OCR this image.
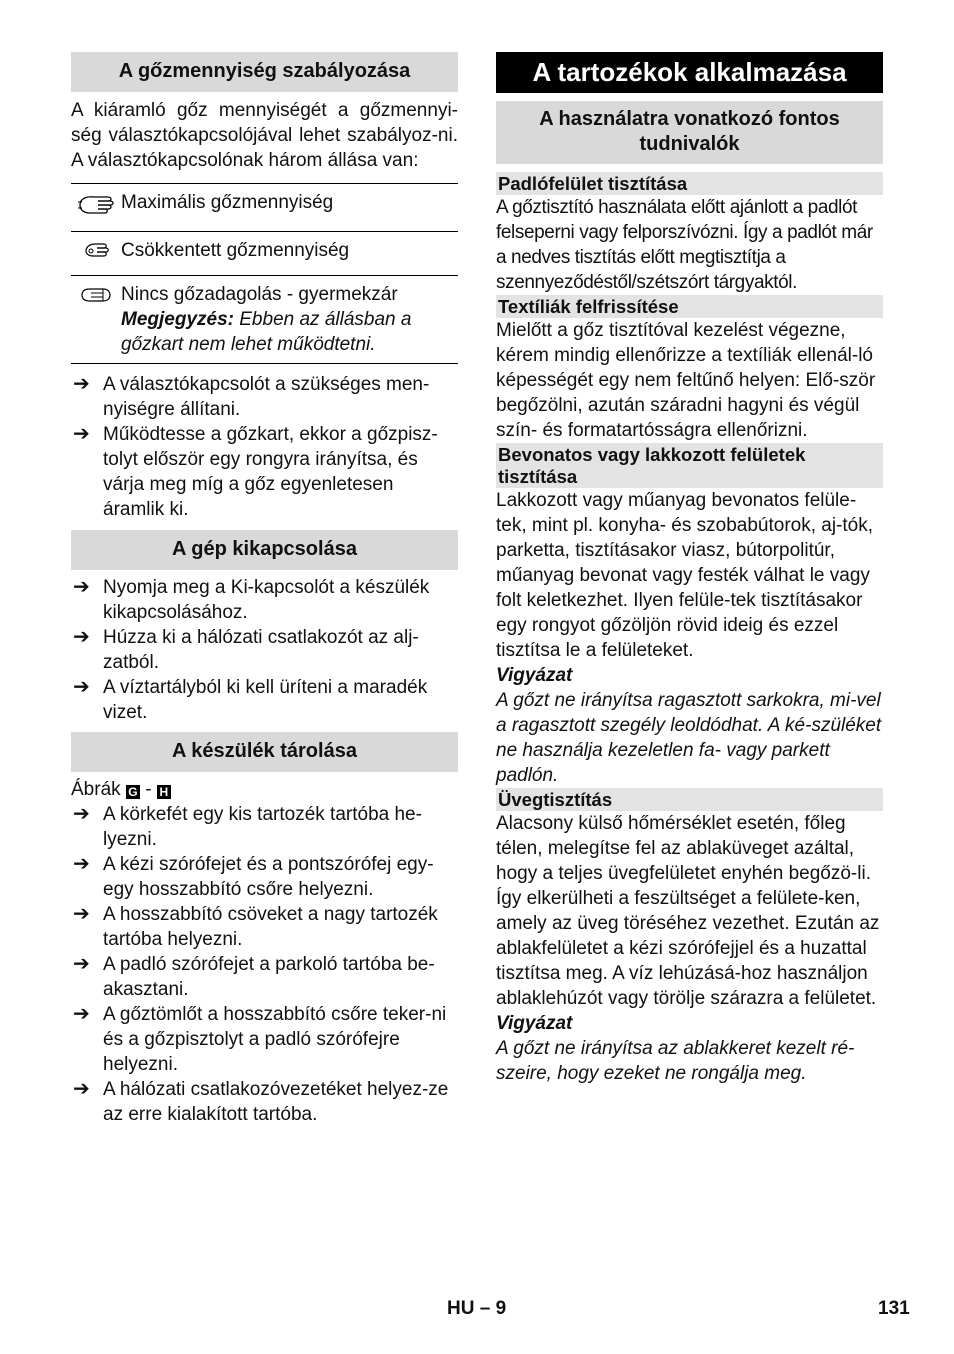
A gőzmennyiség szabályozása

A kiáramló gőz mennyiségét a gőzmennyi-ség választókapcsolójával lehet szabályoz-ni. A választókapcsolónak három állása van:

	Maximális gőzmennyiség
	Csökkentett gőzmennyiség

Nincs gőzadagolás - gyermekzár
Megjegyzés: Ebben az állásban a gőzkart nem lehet működtetni.
➔ A választókapcsolót a szükséges men-nyiségre állítani.
➔ Működtesse a gőzkart, ekkor a gőzpisz-tolyt először egy rongyra irányítsa, és várja meg míg a gőz egyenletesen áramlik ki.
A gép kikapcsolása
➔ Nyomja meg a Ki-kapcsolót a készülék kikapcsolásához.
➔ Húzza ki a hálózati csatlakozót az alj-zatból.
➔ A víztartályból ki kell üríteni a maradék vizet.
A készülék tárolása

Ábrák G - H

➔ A körkefét egy kis tartozék tartóba he-lyezni.
➔ A kézi szórófejet és a pontszórófej egy-egy hosszabbító csőre helyezni.
➔ A hosszabbító csöveket a nagy tartozék tartóba helyezni.
➔ A padló szórófejet a parkoló tartóba be-akasztani.
➔ A gőztömlőt a hosszabbító csőre teker-ni és a gőzpisztolyt a padló szórófejre helyezni.
➔ A hálózati csatlakozóvezetéket helyez-ze az erre kialakított tartóba.
A tartozékok alkalmazása
A használatra vonatkozó fontos tudnivalók
Padlófelület tisztítása

A gőztisztító használata előtt ajánlott a padlót felseperni vagy felporszívózni. Így a padlót már a nedves tisztítás előtt megtisztítja a szennyeződéstől/szétszórt tárgyaktól.

Textíliák felfrissítése

Mielőtt a gőz tisztítóval kezelést végezne, kérem mindig ellenőrizze a textíliák ellenál-ló képességét egy nem feltűnő helyen: Elő-ször begőzölni, azután száradni hagyni és végül szín- és formatartósságra ellenőrizni.

Bevonatos vagy lakkozott felületek tisztítása

Lakkozott vagy műanyag bevonatos felüle-tek, mint pl. konyha- és szobabútorok, aj-tók, parketta, tisztításakor viasz, bútorpolitúr, műanyag bevonat vagy festék válhat le vagy folt keletkezhet. Ilyen felüle-tek tisztításakor egy rongyot gőzöljön rövid ideig és ezzel tisztítsa le a felületeket.

Vigyázat

A gőzt ne irányítsa ragasztott sarkokra, mi-vel a ragasztott szegély leoldódhat. A ké-szüléket ne használja kezeletlen fa- vagy parkett padlón.

Üvegtisztítás

Alacsony külső hőmérséklet esetén, főleg télen, melegítse fel az ablaküveget azáltal, hogy a teljes üvegfelületet enyhén begőzö-li. Így elkerülheti a feszültséget a felülete-ken, amely az üveg töréséhez vezethet. Ezután az ablakfelületet a kézi szórófejjel és a huzattal tisztítsa meg. A víz lehúzásá-hoz használjon ablaklehúzót vagy törölje szárazra a felületet.

Vigyázat

A gőzt ne irányítsa az ablakkeret kezelt ré-szeire, hogy ezeket ne rongálja meg.

HU – 9	131
